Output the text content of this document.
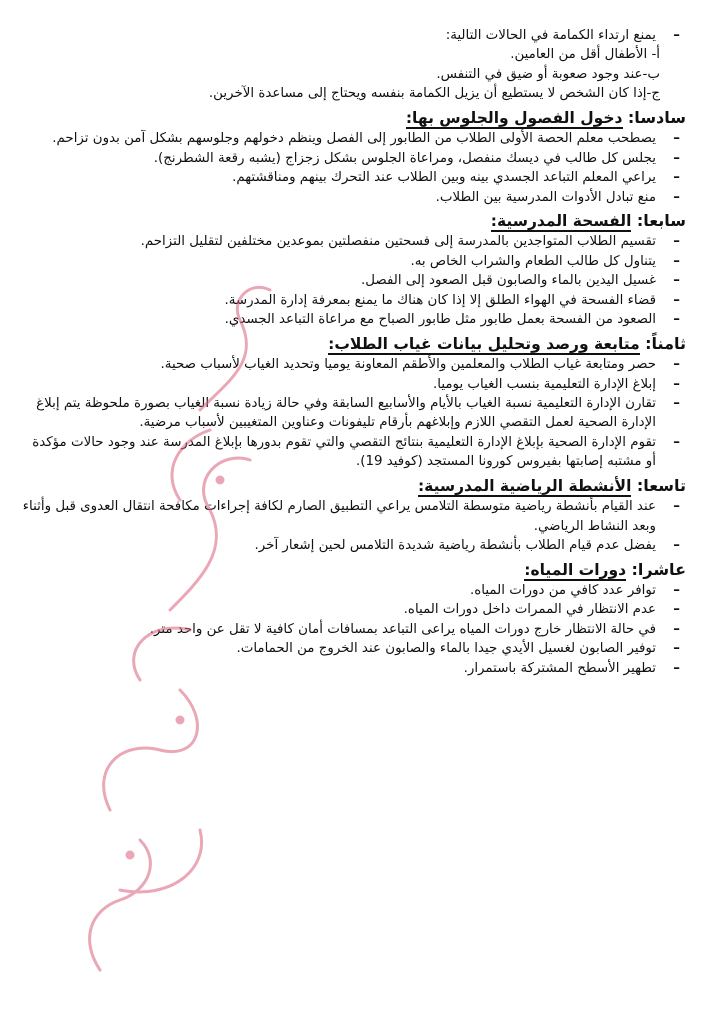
– يمنع ارتداء الكمامة في الحالات التالية:

أ- الأطفال أقل من العامين.

ب-عند وجود صعوبة أو ضيق في التنفس.

ج-إذا كان الشخص لا يستطيع أن يزيل الكمامة بنفسه ويحتاج إلى مساعدة الآخرين.

سادسا: دخول الفصول والجلوس بها:

– يصطحب معلم الحصة الأولى الطلاب من الطابور إلى الفصل وينظم دخولهم وجلوسهم بشكل آمن بدون تزاحم.

– يجلس كل طالب في ديسك منفصل، ومراعاة الجلوس بشكل زجزاج (يشبه رقعة الشطرنج).

– يراعي المعلم التباعد الجسدي بينه وبين الطلاب عند التحرك بينهم ومناقشتهم.

– منع تبادل الأدوات المدرسية بين الطلاب.

سابعا: الفسحة المدرسية:

– تقسيم الطلاب المتواجدين بالمدرسة إلى فسحتين منفصلتين بموعدين مختلفين لتقليل التزاحم.

– يتناول كل طالب الطعام والشراب الخاص به.

– غسيل اليدين بالماء والصابون قبل الصعود إلى الفصل.

– قضاء الفسحة في الهواء الطلق إلا إذا كان هناك ما يمنع بمعرفة إدارة المدرسة.

– الصعود من الفسحة بعمل طابور مثل طابور الصباح مع مراعاة التباعد الجسدي.

ثامناً: متابعة ورصد وتحليل بيانات غياب الطلاب:

– حصر ومتابعة غياب الطلاب والمعلمين والأطقم المعاونة يوميا وتحديد الغياب لأسباب صحية.

– إبلاغ الإدارة التعليمية بنسب الغياب يوميا.

– تقارن الإدارة التعليمية نسبة الغياب بالأيام والأسابيع السابقة وفي حالة زيادة نسبة الغياب بصورة ملحوظة يتم إبلاغ الإدارة الصحية لعمل التقصي اللازم وإبلاغهم بأرقام تليفونات وعناوين المتغيبين لأسباب مرضية.

– تقوم الإدارة الصحية بإبلاغ الإدارة التعليمية بنتائج التقصي والتي تقوم بدورها بإبلاغ المدرسة عند وجود حالات مؤكدة أو مشتبه إصابتها بفيروس كورونا المستجد (كوفيد 19).

تاسعا: الأنشطة الرياضية المدرسية:

– عند القيام بأنشطة رياضية متوسطة التلامس يراعي التطبيق الصارم لكافة إجراءات مكافحة انتقال العدوى قبل وأثناء وبعد النشاط الرياضي.

– يفضل عدم قيام الطلاب بأنشطة رياضية شديدة التلامس لحين إشعار آخر.

عاشرا: دورات المياه:

– توافر عدد كافي من دورات المياه.

– عدم الانتظار في الممرات داخل دورات المياه.

– في حالة الانتظار خارج دورات المياه يراعى التباعد بمسافات أمان كافية لا تقل عن واحد متر.

– توفير الصابون لغسيل الأيدي جيدا بالماء والصابون عند الخروج من الحمامات.

– تطهير الأسطح المشتركة باستمرار.
